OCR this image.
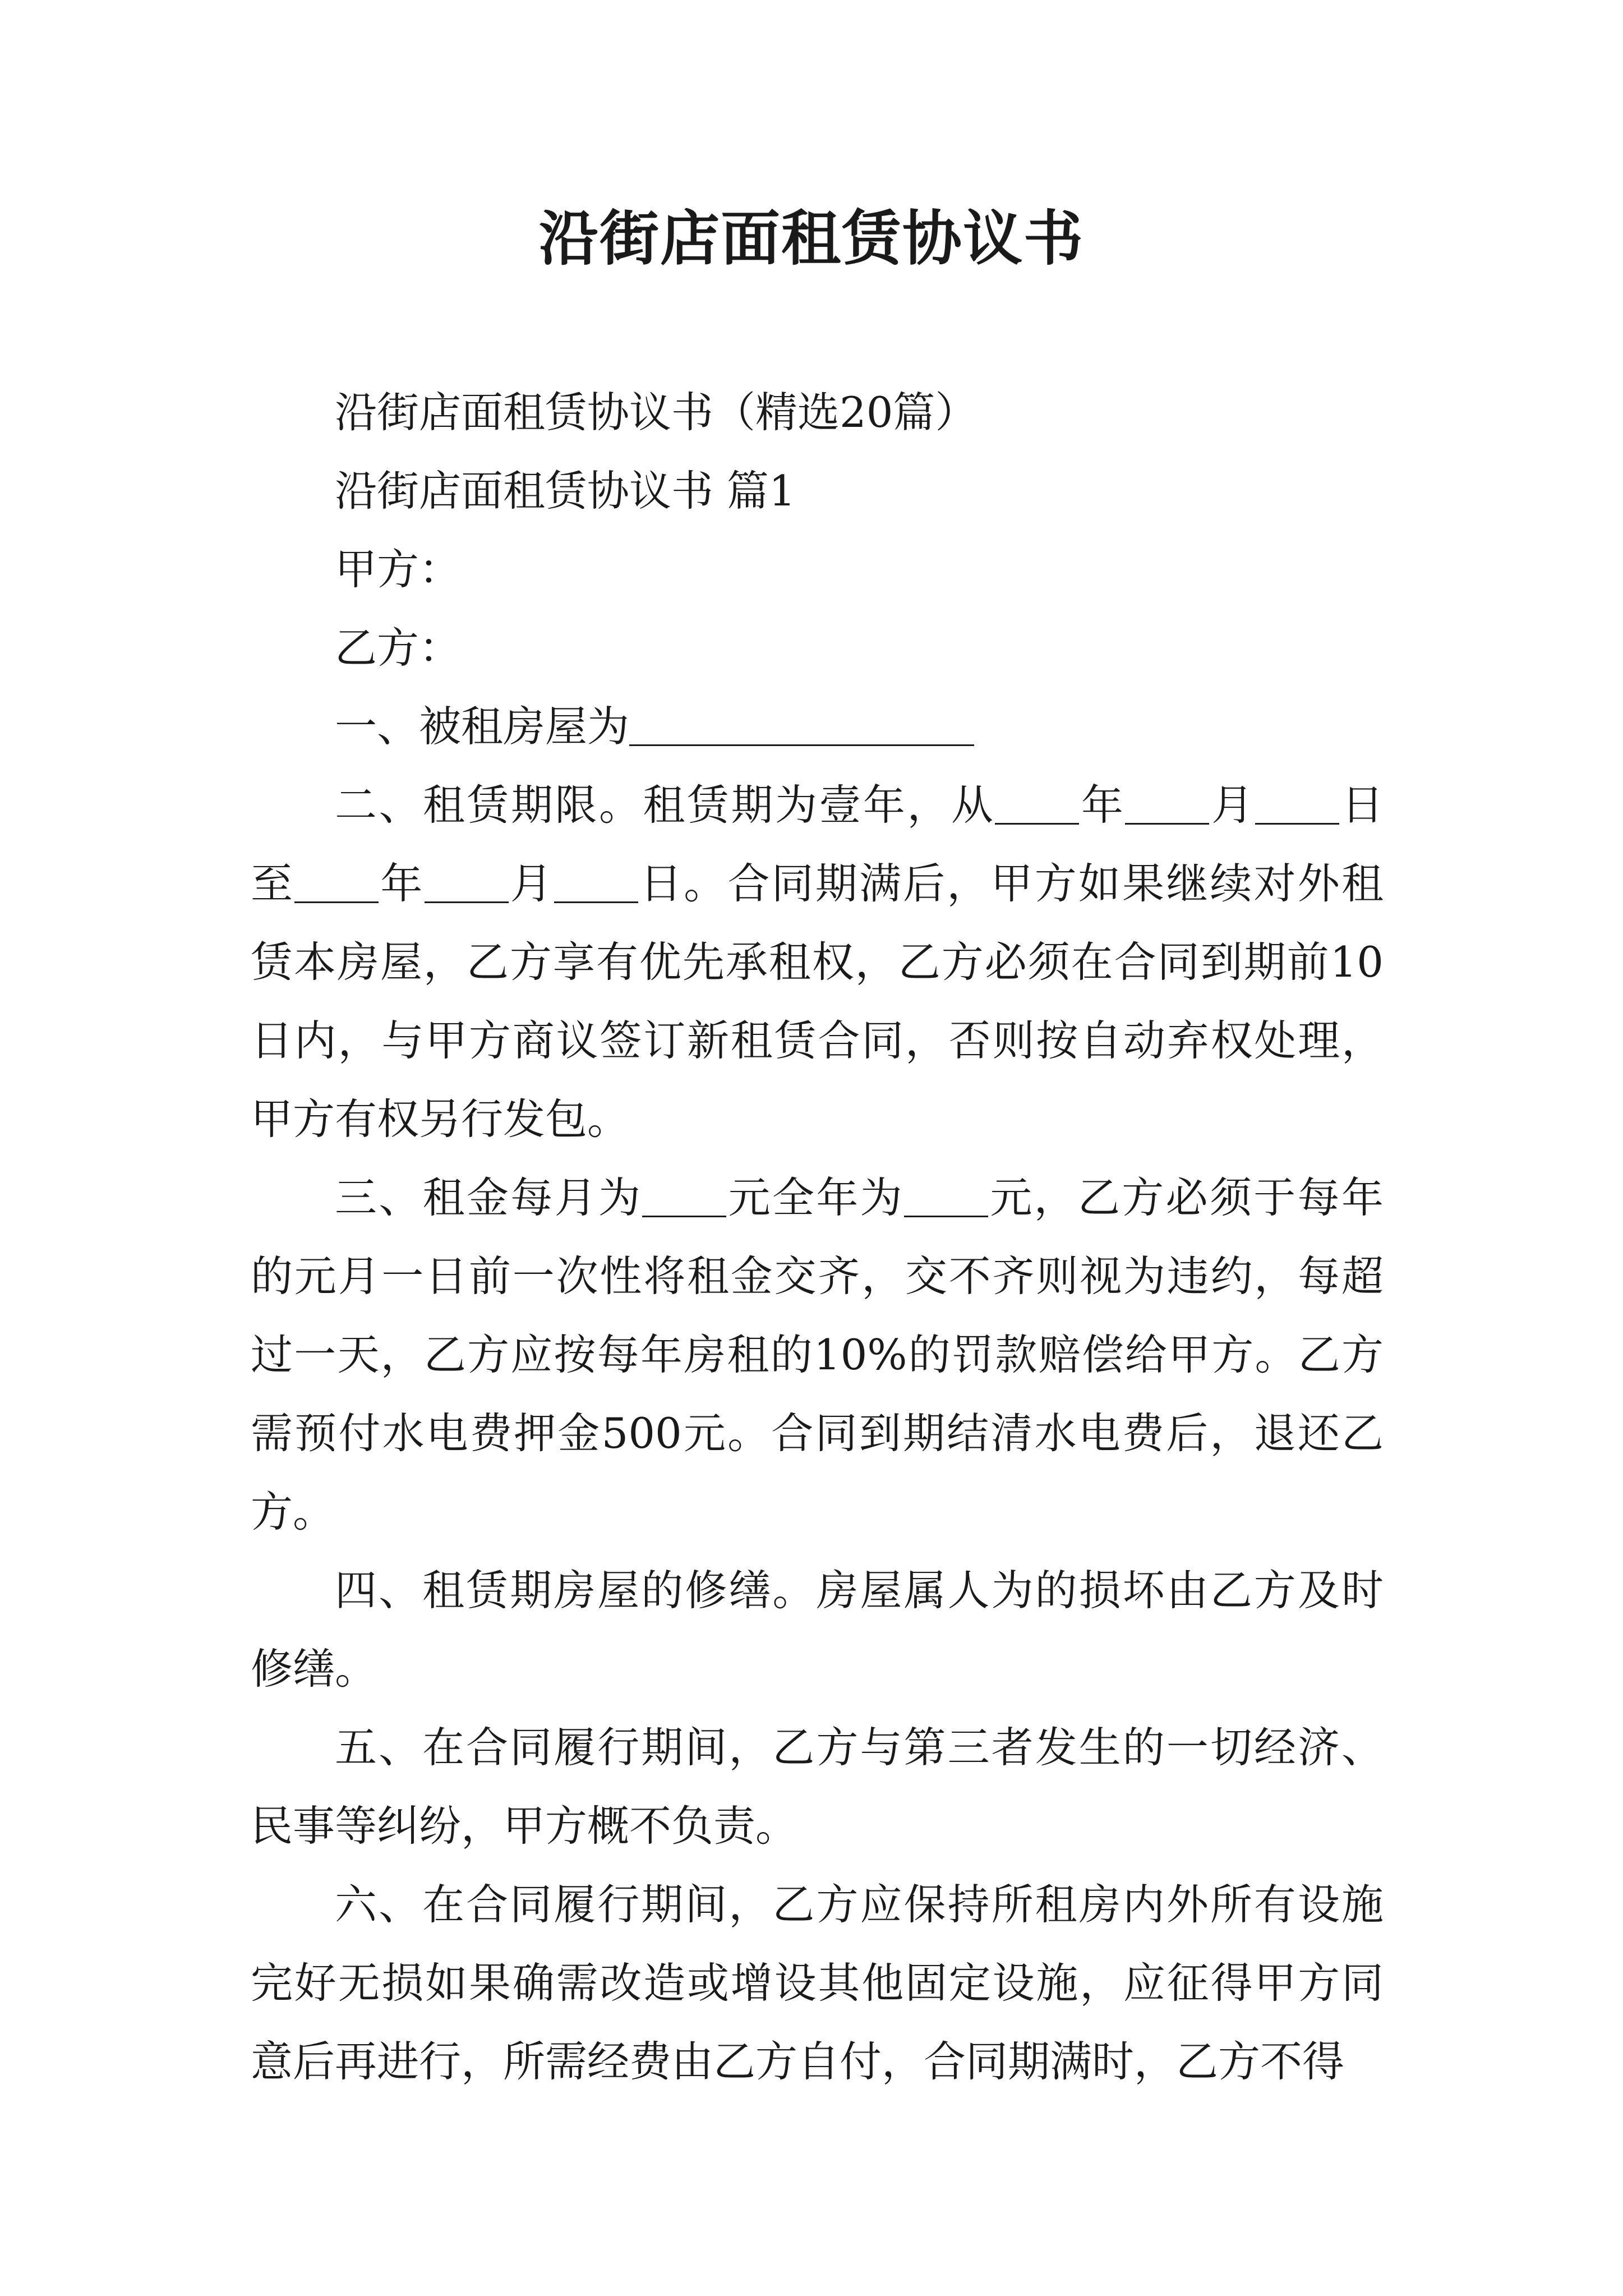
沿街店面租赁协议书

沿街店面租赁协议书（精选20篇）

沿街店面租赁协议书 篇1

甲方：

乙方：

一、被租房屋为

二、租赁期限。租赁期为壹年，从 年 月 日至 年 月 日。合同期满后，甲方如果继续对外租赁本房屋，乙方享有优先承租权，乙方必须在合同到期前10日内，与甲方商议签订新租赁合同，否则按自动弃权处理，甲方有权另行发包。

三、租金每月为 元全年为 元，乙方必须于每年的元月一日前一次性将租金交齐，交不齐则视为违约，每超过一天，乙方应按每年房租的10%的罚款赔偿给甲方。乙方需预付水电费押金500元。合同到期结清水电费后，退还乙方。

四、租赁期房屋的修缮。房屋属人为的损坏由乙方及时修缮。

五、在合同履行期间，乙方与第三者发生的一切经济、民事等纠纷，甲方概不负责。

六、在合同履行期间，乙方应保持所租房内外所有设施完好无损如果确需改造或增设其他固定设施，应征得甲方同意后再进行，所需经费由乙方自付，合同期满时，乙方不得
